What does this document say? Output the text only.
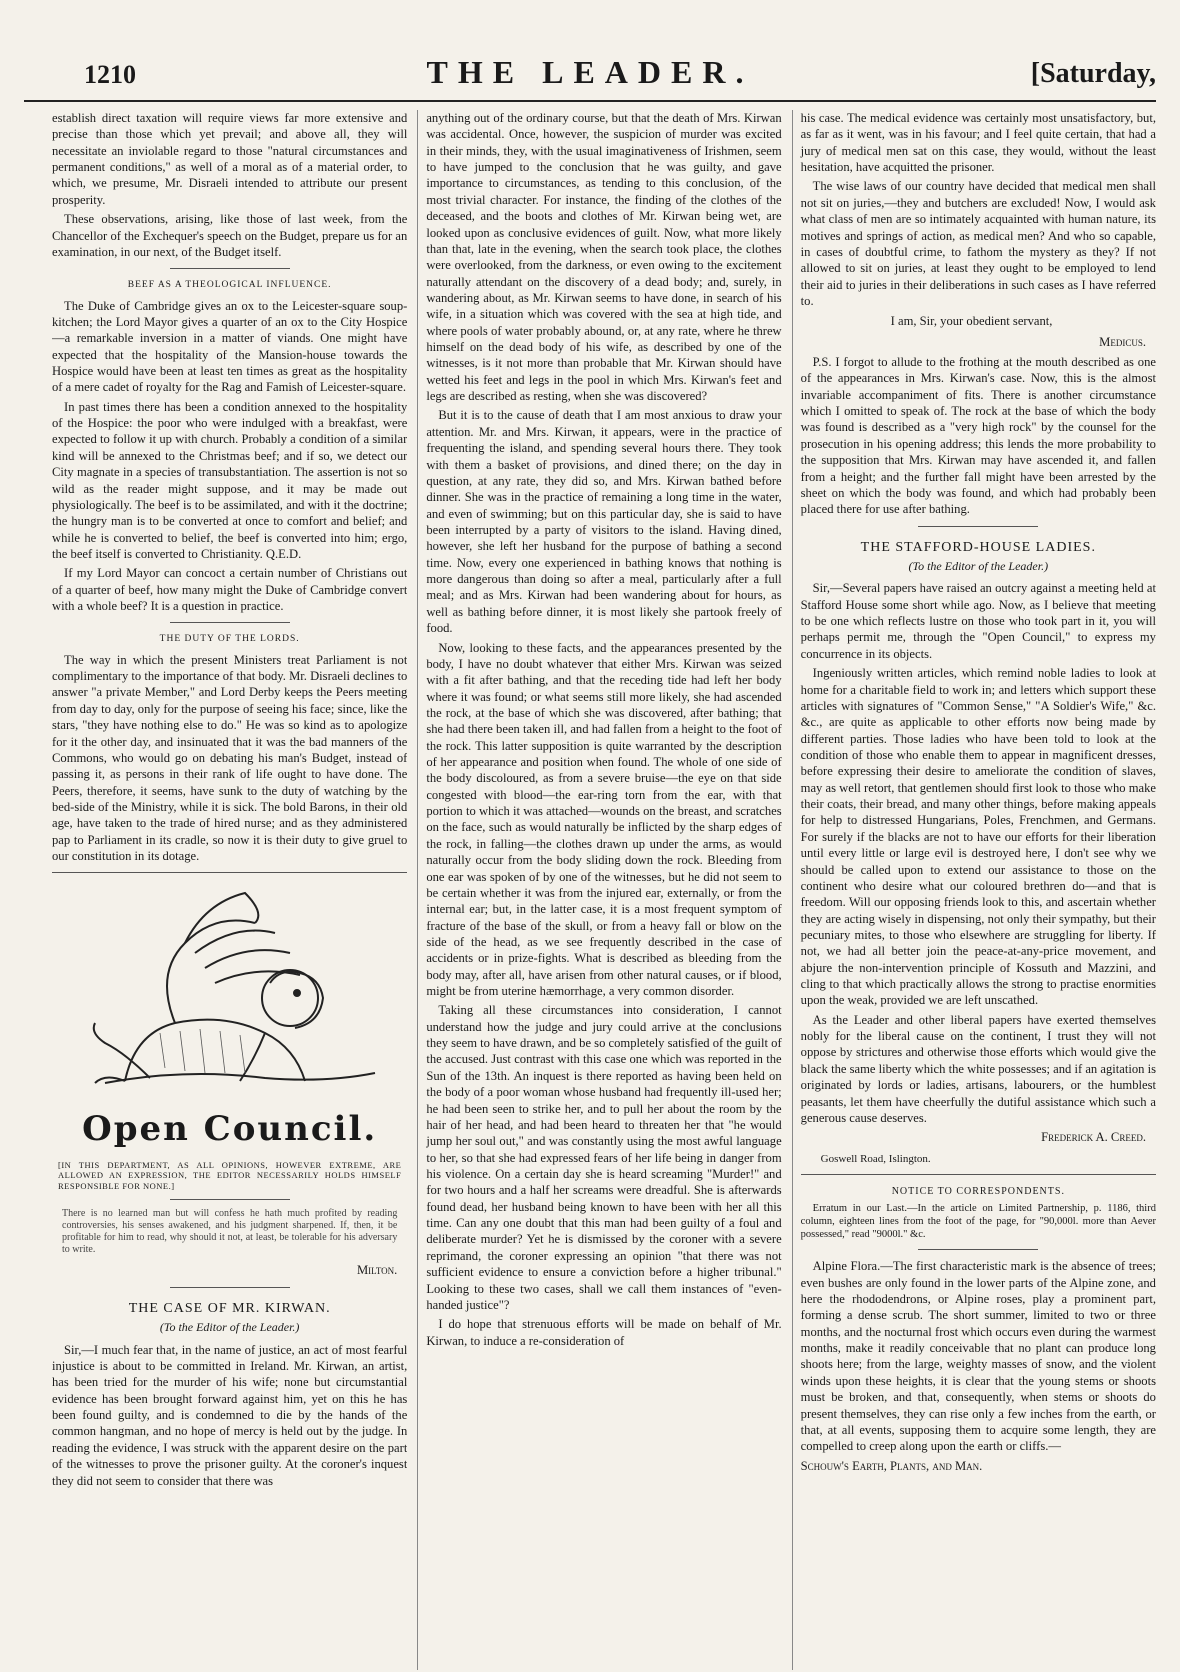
1210	THE LEADER.	[Saturday,

establish direct taxation will require views far more extensive and precise than those which yet prevail; and above all, they will necessitate an inviolable regard to those "natural circumstances and permanent conditions," as well of a moral as of a material order, to which, we presume, Mr. Disraeli intended to attribute our present prosperity.

These observations, arising, like those of last week, from the Chancellor of the Exchequer's speech on the Budget, prepare us for an examination, in our next, of the Budget itself.

BEEF AS A THEOLOGICAL INFLUENCE.

The Duke of Cambridge gives an ox to the Leicester-square soup-kitchen; the Lord Mayor gives a quarter of an ox to the City Hospice—a remarkable inversion in a matter of viands. One might have expected that the hospitality of the Mansion-house towards the Hospice would have been at least ten times as great as the hospitality of a mere cadet of royalty for the Rag and Famish of Leicester-square.

In past times there has been a condition annexed to the hospitality of the Hospice: the poor who were indulged with a breakfast, were expected to follow it up with church. Probably a condition of a similar kind will be annexed to the Christmas beef; and if so, we detect our City magnate in a species of transubstantiation. The assertion is not so wild as the reader might suppose, and it may be made out physiologically. The beef is to be assimilated, and with it the doctrine; the hungry man is to be converted at once to comfort and belief; and while he is converted to belief, the beef is converted into him; ergo, the beef itself is converted to Christianity. Q.E.D.

If my Lord Mayor can concoct a certain number of Christians out of a quarter of beef, how many might the Duke of Cambridge convert with a whole beef? It is a question in practice.

THE DUTY OF THE LORDS.

The way in which the present Ministers treat Parliament is not complimentary to the importance of that body. Mr. Disraeli declines to answer "a private Member," and Lord Derby keeps the Peers meeting from day to day, only for the purpose of seeing his face; since, like the stars, "they have nothing else to do." He was so kind as to apologize for it the other day, and insinuated that it was the bad manners of the Commons, who would go on debating his man's Budget, instead of passing it, as persons in their rank of life ought to have done. The Peers, therefore, it seems, have sunk to the duty of watching by the bed-side of the Ministry, while it is sick. The bold Barons, in their old age, have taken to the trade of hired nurse; and as they administered pap to Parliament in its cradle, so now it is their duty to give gruel to our constitution in its dotage.

Open Council.
[IN THIS DEPARTMENT, AS ALL OPINIONS, HOWEVER EXTREME, ARE ALLOWED AN EXPRESSION, THE EDITOR NECESSARILY HOLDS HIMSELF RESPONSIBLE FOR NONE.]
There is no learned man but will confess he hath much profited by reading controversies, his senses awakened, and his judgment sharpened. If, then, it be profitable for him to read, why should it not, at least, be tolerable for his adversary to write.
Milton.
THE CASE OF MR. KIRWAN.
(To the Editor of the Leader.)

Sir,—I much fear that, in the name of justice, an act of most fearful injustice is about to be committed in Ireland. Mr. Kirwan, an artist, has been tried for the murder of his wife; none but circumstantial evidence has been brought forward against him, yet on this he has been found guilty, and is condemned to die by the hands of the common hangman, and no hope of mercy is held out by the judge. In reading the evidence, I was struck with the apparent desire on the part of the witnesses to prove the prisoner guilty. At the coroner's inquest they did not seem to consider that there was

anything out of the ordinary course, but that the death of Mrs. Kirwan was accidental. Once, however, the suspicion of murder was excited in their minds, they, with the usual imaginativeness of Irishmen, seem to have jumped to the conclusion that he was guilty, and gave importance to circumstances, as tending to this conclusion, of the most trivial character. For instance, the finding of the clothes of the deceased, and the boots and clothes of Mr. Kirwan being wet, are looked upon as conclusive evidences of guilt. Now, what more likely than that, late in the evening, when the search took place, the clothes were overlooked, from the darkness, or even owing to the excitement naturally attendant on the discovery of a dead body; and, surely, in wandering about, as Mr. Kirwan seems to have done, in search of his wife, in a situation which was covered with the sea at high tide, and where pools of water probably abound, or, at any rate, where he threw himself on the dead body of his wife, as described by one of the witnesses, is it not more than probable that Mr. Kirwan should have wetted his feet and legs in the pool in which Mrs. Kirwan's feet and legs are described as resting, when she was discovered?

But it is to the cause of death that I am most anxious to draw your attention. Mr. and Mrs. Kirwan, it appears, were in the practice of frequenting the island, and spending several hours there. They took with them a basket of provisions, and dined there; on the day in question, at any rate, they did so, and Mrs. Kirwan bathed before dinner. She was in the practice of remaining a long time in the water, and even of swimming; but on this particular day, she is said to have been interrupted by a party of visitors to the island. Having dined, however, she left her husband for the purpose of bathing a second time. Now, every one experienced in bathing knows that nothing is more dangerous than doing so after a meal, particularly after a full meal; and as Mrs. Kirwan had been wandering about for hours, as well as bathing before dinner, it is most likely she partook freely of food.

Now, looking to these facts, and the appearances presented by the body, I have no doubt whatever that either Mrs. Kirwan was seized with a fit after bathing, and that the receding tide had left her body where it was found; or what seems still more likely, she had ascended the rock, at the base of which she was discovered, after bathing; that she had there been taken ill, and had fallen from a height to the foot of the rock. This latter supposition is quite warranted by the description of her appearance and position when found. The whole of one side of the body discoloured, as from a severe bruise—the eye on that side congested with blood—the ear-ring torn from the ear, with that portion to which it was attached—wounds on the breast, and scratches on the face, such as would naturally be inflicted by the sharp edges of the rock, in falling—the clothes drawn up under the arms, as would naturally occur from the body sliding down the rock. Bleeding from one ear was spoken of by one of the witnesses, but he did not seem to be certain whether it was from the injured ear, externally, or from the internal ear; but, in the latter case, it is a most frequent symptom of fracture of the base of the skull, or from a heavy fall or blow on the side of the head, as we see frequently described in the case of accidents or in prize-fights. What is described as bleeding from the body may, after all, have arisen from other natural causes, or if blood, might be from uterine hæmorrhage, a very common disorder.

Taking all these circumstances into consideration, I cannot understand how the judge and jury could arrive at the conclusions they seem to have drawn, and be so completely satisfied of the guilt of the accused. Just contrast with this case one which was reported in the Sun of the 13th. An inquest is there reported as having been held on the body of a poor woman whose husband had frequently ill-used her; he had been seen to strike her, and to pull her about the room by the hair of her head, and had been heard to threaten her that "he would jump her soul out," and was constantly using the most awful language to her, so that she had expressed fears of her life being in danger from his violence. On a certain day she is heard screaming "Murder!" and for two hours and a half her screams were dreadful. She is afterwards found dead, her husband being known to have been with her all this time. Can any one doubt that this man had been guilty of a foul and deliberate murder? Yet he is dismissed by the coroner with a severe reprimand, the coroner expressing an opinion "that there was not sufficient evidence to ensure a conviction before a higher tribunal." Looking to these two cases, shall we call them instances of "even-handed justice"?

I do hope that strenuous efforts will be made on behalf of Mr. Kirwan, to induce a re-consideration of

his case. The medical evidence was certainly most unsatisfactory, but, as far as it went, was in his favour; and I feel quite certain, that had a jury of medical men sat on this case, they would, without the least hesitation, have acquitted the prisoner.

The wise laws of our country have decided that medical men shall not sit on juries,—they and butchers are excluded! Now, I would ask what class of men are so intimately acquainted with human nature, its motives and springs of action, as medical men? And who so capable, in cases of doubtful crime, to fathom the mystery as they? If not allowed to sit on juries, at least they ought to be employed to lend their aid to juries in their deliberations in such cases as I have referred to.

I am, Sir, your obedient servant,
Medicus.

P.S. I forgot to allude to the frothing at the mouth described as one of the appearances in Mrs. Kirwan's case. Now, this is the almost invariable accompaniment of fits. There is another circumstance which I omitted to speak of. The rock at the base of which the body was found is described as a "very high rock" by the counsel for the prosecution in his opening address; this lends the more probability to the supposition that Mrs. Kirwan may have ascended it, and fallen from a height; and the further fall might have been arrested by the sheet on which the body was found, and which had probably been placed there for use after bathing.

THE STAFFORD-HOUSE LADIES.
(To the Editor of the Leader.)

Sir,—Several papers have raised an outcry against a meeting held at Stafford House some short while ago. Now, as I believe that meeting to be one which reflects lustre on those who took part in it, you will perhaps permit me, through the "Open Council," to express my concurrence in its objects.

Ingeniously written articles, which remind noble ladies to look at home for a charitable field to work in; and letters which support these articles with signatures of "Common Sense," "A Soldier's Wife," &c. &c., are quite as applicable to other efforts now being made by different parties. Those ladies who have been told to look at the condition of those who enable them to appear in magnificent dresses, before expressing their desire to ameliorate the condition of slaves, may as well retort, that gentlemen should first look to those who make their coats, their bread, and many other things, before making appeals for help to distressed Hungarians, Poles, Frenchmen, and Germans. For surely if the blacks are not to have our efforts for their liberation until every little or large evil is destroyed here, I don't see why we should be called upon to extend our assistance to those on the continent who desire what our coloured brethren do—and that is freedom. Will our opposing friends look to this, and ascertain whether they are acting wisely in dispensing, not only their sympathy, but their pecuniary mites, to those who elsewhere are struggling for liberty. If not, we had all better join the peace-at-any-price movement, and abjure the non-intervention principle of Kossuth and Mazzini, and cling to that which practically allows the strong to practise enormities upon the weak, provided we are left unscathed.

As the Leader and other liberal papers have exerted themselves nobly for the liberal cause on the continent, I trust they will not oppose by strictures and otherwise those efforts which would give the black the same liberty which the white possesses; and if an agitation is originated by lords or ladies, artisans, labourers, or the humblest peasants, let them have cheerfully the dutiful assistance which such a generous cause deserves.

Frederick A. Creed.
Goswell Road, Islington.
NOTICE TO CORRESPONDENTS.

Erratum in our Last.—In the article on Limited Partnership, p. 1186, third column, eighteen lines from the foot of the page, for "90,000l. more than Aever possessed," read "9000l." &c.

Alpine Flora.—The first characteristic mark is the absence of trees; even bushes are only found in the lower parts of the Alpine zone, and here the rhododendrons, or Alpine roses, play a prominent part, forming a dense scrub. The short summer, limited to two or three months, and the nocturnal frost which occurs even during the warmest months, make it readily conceivable that no plant can produce long shoots here; from the large, weighty masses of snow, and the violent winds upon these heights, it is clear that the young stems or shoots must be broken, and that, consequently, when stems or shoots do present themselves, they can rise only a few inches from the earth, or that, at all events, supposing them to acquire some length, they are compelled to creep along upon the earth or cliffs.—

Schouw's Earth, Plants, and Man.
